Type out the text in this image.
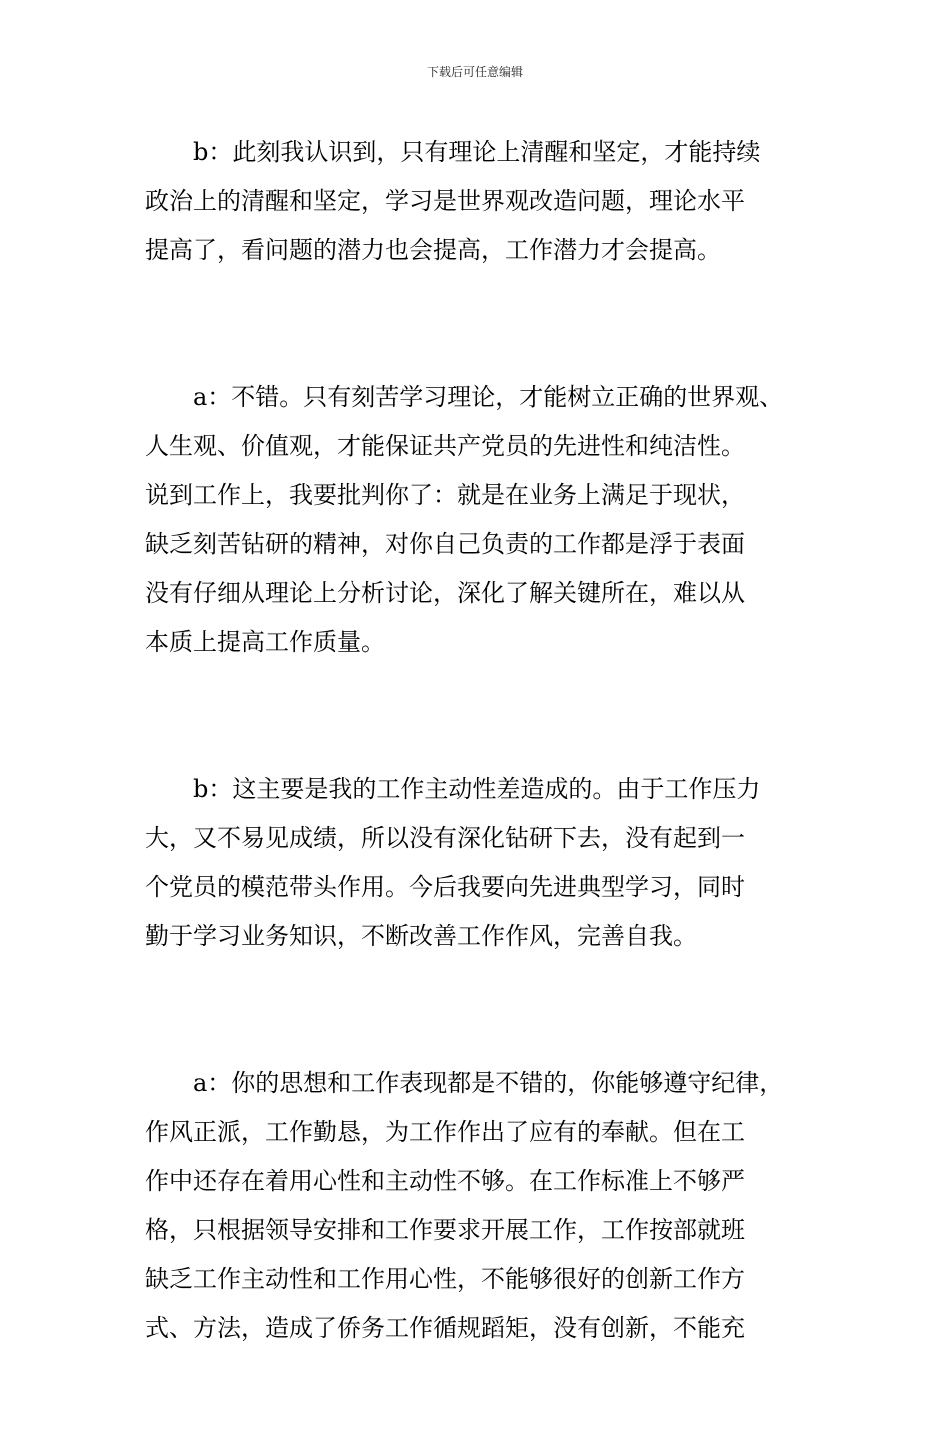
下载后可任意编辑
b：此刻我认识到，只有理论上清醒和坚定，才能持续
政治上的清醒和坚定，学习是世界观改造问题，理论水平
提高了，看问题的潜力也会提高，工作潜力才会提高。
a：不错。只有刻苦学习理论，才能树立正确的世界观、
人生观、价值观，才能保证共产党员的先进性和纯洁性。
说到工作上，我要批判你了：就是在业务上满足于现状，
缺乏刻苦钻研的精神，对你自己负责的工作都是浮于表面
没有仔细从理论上分析讨论，深化了解关键所在，难以从
本质上提高工作质量。
b：这主要是我的工作主动性差造成的。由于工作压力
大，又不易见成绩，所以没有深化钻研下去，没有起到一
个党员的模范带头作用。今后我要向先进典型学习，同时
勤于学习业务知识，不断改善工作作风，完善自我。
a：你的思想和工作表现都是不错的，你能够遵守纪律，
作风正派，工作勤恳，为工作作出了应有的奉献。但在工
作中还存在着用心性和主动性不够。在工作标准上不够严
格，只根据领导安排和工作要求开展工作，工作按部就班
缺乏工作主动性和工作用心性，不能够很好的创新工作方
式、方法，造成了侨务工作循规蹈矩，没有创新，不能充
